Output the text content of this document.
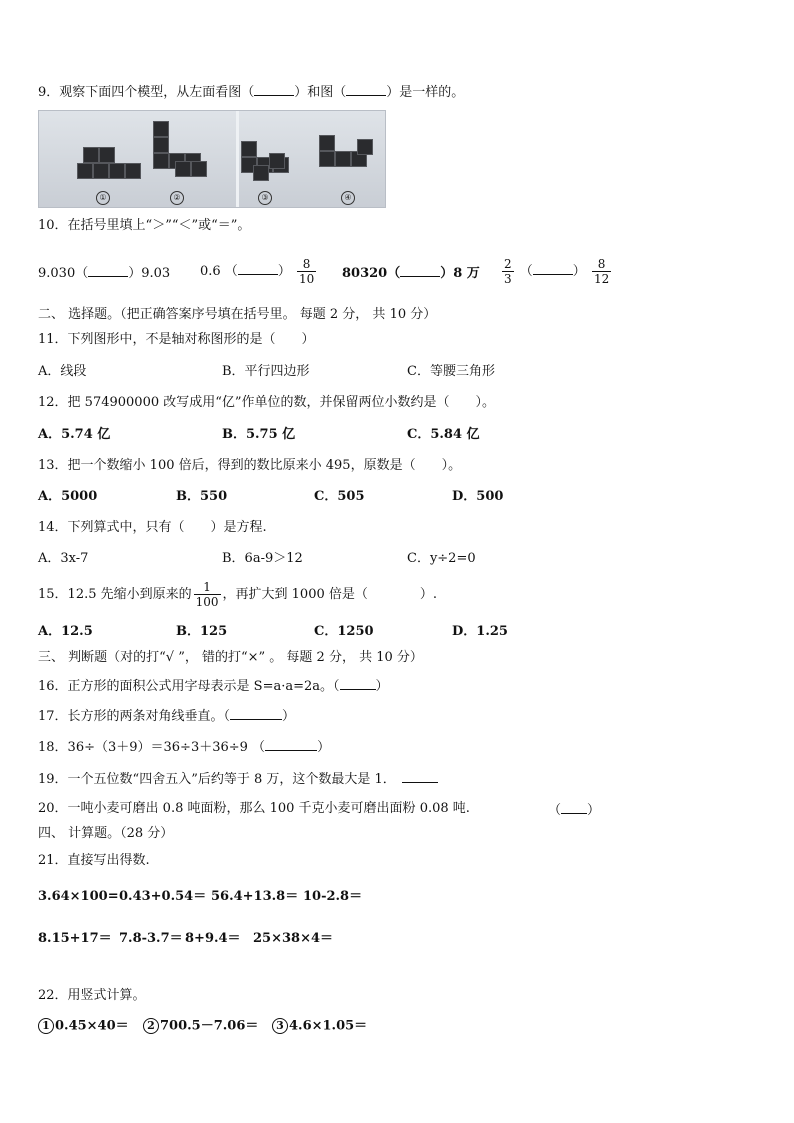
9．观察下面四个模型，从左面看图（	）和图（	）是一样的。
①	②	③	④
10．在括号里填上“＞”“＜”或“＝”。
9.030（	）9.03 0.6 （	） $\frac{8}{10} 80320$（	）8 万 $\frac{2}{3}$ （	） $\frac{8}{12}$
二、 选择题。（把正确答案序号填在括号里。 每题 2 分， 共 10 分）
11．下列图形中，不是轴对称图形的是（　　）
A．线段	B．平行四边形	C．等腰三角形
12．把 574900000 改写成用“亿”作单位的数，并保留两位小数约是（　　）。
A．5.74 亿	B．5.75 亿	C．5.84 亿
13．把一个数缩小 100 倍后，得到的数比原来小 495，原数是（　　）。
A．5000	B．550	C．505	D．500
14．下列算式中，只有（　　）是方程.
A．3x-7	B．6a-9＞12	C．y÷2=0
15．12.5 先缩小到原来的 $\frac{1}{100}$ ，再扩大到 1000 倍是（　　　　）.
A．12.5	B．125	C．1250	D．1.25
三、 判断题（对的打“√ ”， 错的打“×” 。 每题 2 分， 共 10 分）
16．正方形的面积公式用字母表示是 S=a·a=2a。（	）
17．长方形的两条对角线垂直。（	）
18．36÷（3＋9）＝36÷3＋36÷9 （	）
19．一个五位数“四舍五入”后约等于 8 万，这个数最大是 1．
20．一吨小麦可磨出 0.8 吨面粉，那么 100 千克小麦可磨出面粉 0.08 吨.	（ ）
四、 计算题。（28 分）
21．直接写出得数.
3.64×100= 0.43+0.54＝ 56.4+13.8＝ 10-2.8＝
8.15+17＝ 7.8-3.7＝ 8+9.4＝ 25×38×4＝
22．用竖式计算。
1 0.45×40＝	2 700.5－7.06＝	3 4.6×1.05＝
